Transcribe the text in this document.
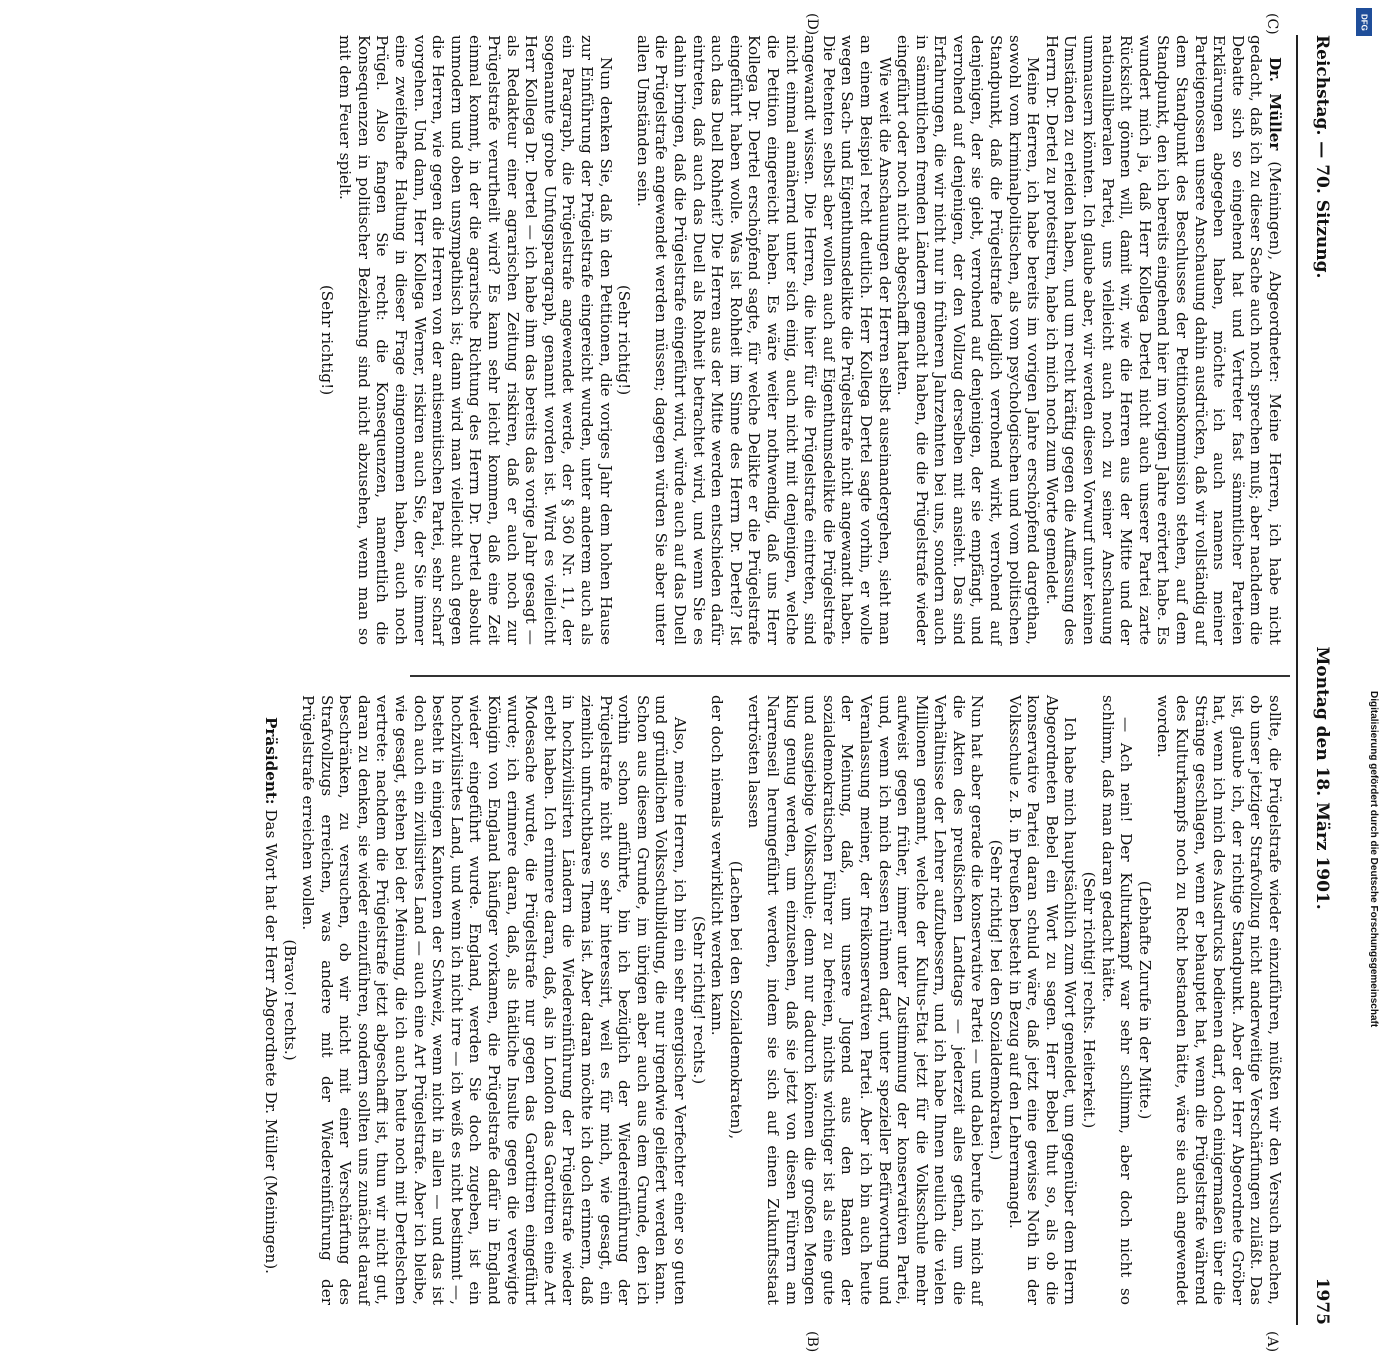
Reichstag. — 70. Sitzung.
Montag den 18. März 1901.
1975

Dr. Müller (Meiningen), Abgeordneter: Meine Herren, ich habe nicht gedacht, daß ich zu dieser Sache auch noch sprechen muß; aber nachdem die Debatte sich so eingehend hat und Vertreter fast sämmtlicher Parteien Erklärungen abgegeben haben, möchte ich auch namens meiner Parteigenossen unsere Anschauung dahin ausdrücken, daß wir vollständig auf dem Standpunkt des Beschlusses der Petitionskommission stehen, auf dem Standpunkt, den ich bereits eingehend hier im vorigen Jahre erörtert habe. Es wundert mich ja, daß Herr Kollega Dertel nicht auch unserer Partei zarte Rücksicht gönnen will, damit wir, wie die Herren aus der Mitte und der nationalliberalen Partei, uns vielleicht auch noch zu seiner Anschauung ummausern könnten. Ich glaube aber, wir werden diesen Vorwurf unter keinen Umständen zu erleiden haben, und um recht kräftig gegen die Auffassung des Herrn Dr. Dertel zu protestiren, habe ich mich noch zum Worte gemeldet.

Meine Herren, ich habe bereits im vorigen Jahre erschöpfend dargethan, sowohl vom kriminalpolitischen, als vom psychologischen und vom politischen Standpunkt, daß die Prügelstrafe lediglich verrohend wirkt, verrohend auf denjenigen, der sie giebt, verrohend auf denjenigen, der sie empfängt, und verrohend auf denjenigen, der den Vollzug derselben mit ansieht. Das sind Erfahrungen, die wir nicht nur in früheren Jahrzehnten bei uns, sondern auch in sämmtlichen fremden Ländern gemacht haben, die die Prügelstrafe wieder eingeführt oder noch nicht abgeschafft hatten.

Wie weit die Anschauungen der Herren selbst auseinandergehen, sieht man an einem Beispiel recht deutlich. Herr Kollega Dertel sagte vorhin, er wolle wegen Sach- und Eigenthumsdelikte die Prügelstrafe nicht angewandt haben. Die Petenten selbst aber wollen auch auf Eigenthumsdelikte die Prügelstrafe angewandt wissen. Die Herren, die hier für die Prügelstrafe eintreten, sind nicht einmal annähernd unter sich einig, auch nicht mit denjenigen, welche die Petition eingereicht haben. Es wäre weiter nothwendig, daß uns Herr Kollega Dr. Dertel erschöpfend sagte, für welche Delikte er die Prügelstrafe eingeführt haben wolle. Was ist Rohheit im Sinne des Herrn Dr. Dertel? Ist auch das Duell Rohheit? Die Herren aus der Mitte werden entschieden dafür eintreten, daß auch das Duell als Rohheit betrachtet wird, und wenn Sie es dahin bringen, daß die Prügelstrafe eingeführt wird, würde auch auf das Duell die Prügelstrafe angewendet werden müssen; dagegen würden Sie aber unter allen Umständen sein.

(Sehr richtig!)

Nun denken Sie, daß in den Petitionen, die voriges Jahr dem hohen Hause zur Einführung der Prügelstrafe eingereicht wurden, unter anderem auch als ein Paragraph, die Prügelstrafe angewendet werde, der § 360 Nr. 11, der sogenannte grobe Unfugsparagraph, genannt worden ist. Wird es vielleicht Herr Kollega Dr. Dertel — ich habe ihm das bereits das vorige Jahr gesagt — als Redakteur einer agrarischen Zeitung riskiren, daß er auch noch zur Prügelstrafe verurtheilt wird? Es kann sehr leicht kommen, daß eine Zeit einmal kommt, in der die agrarische Richtung des Herrn Dr. Dertel absolut unmodern und oben unsympathisch ist; dann wird man vielleicht auch gegen die Herren, wie gegen die Herren von der antisemitischen Partei, sehr scharf vorgehen. Und dann, Herr Kollega Werner, riskiren auch Sie, der Sie immer eine zweifelhafte Haltung in dieser Frage eingenommen haben, auch noch Prügel. Also fangen Sie recht: die Konsequenzen, namentlich die Konsequenzen in politischer Beziehung sind nicht abzusehen, wenn man so mit dem Feuer spielt.

(Sehr richtig!)

sollte, die Prügelstrafe wieder einzuführen, müßten wir den Versuch machen, ob unser jetziger Strafvollzug nicht anderweitige Verschärfungen zuläßt. Das ist, glaube ich, der richtige Standpunkt. Aber der Herr Abgeordnete Gröber hat, wenn ich mich des Ausdrucks bedienen darf, doch einigermaßen über die Stränge geschlagen, wenn er behauptet hat, wenn die Prügelstrafe während des Kulturkampfs noch zu Recht bestanden hätte, wäre sie auch angewendet worden.

(Lebhafte Zurufe in der Mitte.)

— Ach nein! Der Kulturkampf war sehr schlimm, aber doch nicht so schlimm, daß man daran gedacht hätte.

(Sehr richtig! rechts. Heiterkeit.)

Ich habe mich hauptsächlich zum Wort gemeldet, um gegenüber dem Herrn Abgeordneten Bebel ein Wort zu sagen. Herr Bebel thut so, als ob die konservative Partei daran schuld wäre, daß jetzt eine gewisse Noth in der Volksschule z. B. in Preußen besteht in Bezug auf den Lehrermangel.

(Sehr richtig! bei den Sozialdemokraten.)

Nun hat aber gerade die konservative Partei — und dabei berufe ich mich auf die Akten des preußischen Landtags — jederzeit alles gethan, um die Verhältnisse der Lehrer aufzubessern, und ich habe Ihnen neulich die vielen Millionen genannt, welche der Kultus-Etat jetzt für die Volksschule mehr aufweist gegen früher, immer unter Zustimmung der konservativen Partei, und, wenn ich mich dessen rühmen darf, unter spezieller Befürwortung und Veranlassung meiner, der freikonservativen Partei. Aber ich bin auch heute der Meinung, daß, um unsere Jugend aus den Banden der sozialdemokratischen Führer zu befreien, nichts wichtiger ist als eine gute und ausgiebige Volksschule; denn nur dadurch können die großen Mengen klug genug werden, um einzusehen, daß sie jetzt von diesen Führern am Narrenseil herumgeführt werden, indem sie sich auf einen Zukunftsstaat vertrösten lassen

(Lachen bei den Sozialdemokraten),

der doch niemals verwirklicht werden kann.

(Sehr richtig! rechts.)

Also, meine Herren, ich bin ein sehr energischer Verfechter einer so guten und gründlichen Volksschulbildung, die nur irgendwie geliefert werden kann. Schon aus diesem Grunde, im übrigen aber auch aus dem Grunde, den ich vorhin schon anführte, bin ich bezüglich der Wiedereinführung der Prügelstrafe nicht so sehr interessirt, weil es für mich, wie gesagt, ein ziemlich unfruchtbares Thema ist. Aber daran möchte ich doch erinnern, daß in hochzivilisirten Ländern die Wiedereinführung der Prügelstrafe wieder erlebt haben. Ich erinnere daran, daß, als in London das Garottiren eine Art Modesache wurde, die Prügelstrafe nur gegen das Garottiren eingeführt wurde; ich erinnere daran, daß, als thätliche Insulte gegen die verewigte Königin von England häufiger vorkamen, die Prügelstrafe dafür in England wieder eingeführt wurde. England, werden Sie doch zugeben, ist ein hochzivilisirtes Land, und wenn ich nicht irre — ich weiß es nicht bestimmt —, besteht in einigen Kantonen der Schweiz, wenn nicht in allen — und das ist doch auch ein zivilisirtes Land — auch eine Art Prügelstrafe. Aber ich bleibe, wie gesagt, stehen bei der Meinung, die ich auch heute noch mit Dertelschen vertrete: nachdem die Prügelstrafe jetzt abgeschafft ist, thun wir nicht gut, daran zu denken, sie wieder einzuführen, sondern sollten uns zunächst darauf beschränken, zu versuchen, ob wir nicht mit einer Verschärfung des Strafvollzugs erreichen, was andere mit der Wiedereinführung der Prügelstrafe erreichen wollen.

(Bravo! rechts.)

Präsident: Das Wort hat der Herr Abgeordnete Dr. Müller (Meiningen).

(C)
(D)
(A)
(B)
DFG
Digitalisierung gefördert durch die Deutsche Forschungsgemeinschaft
